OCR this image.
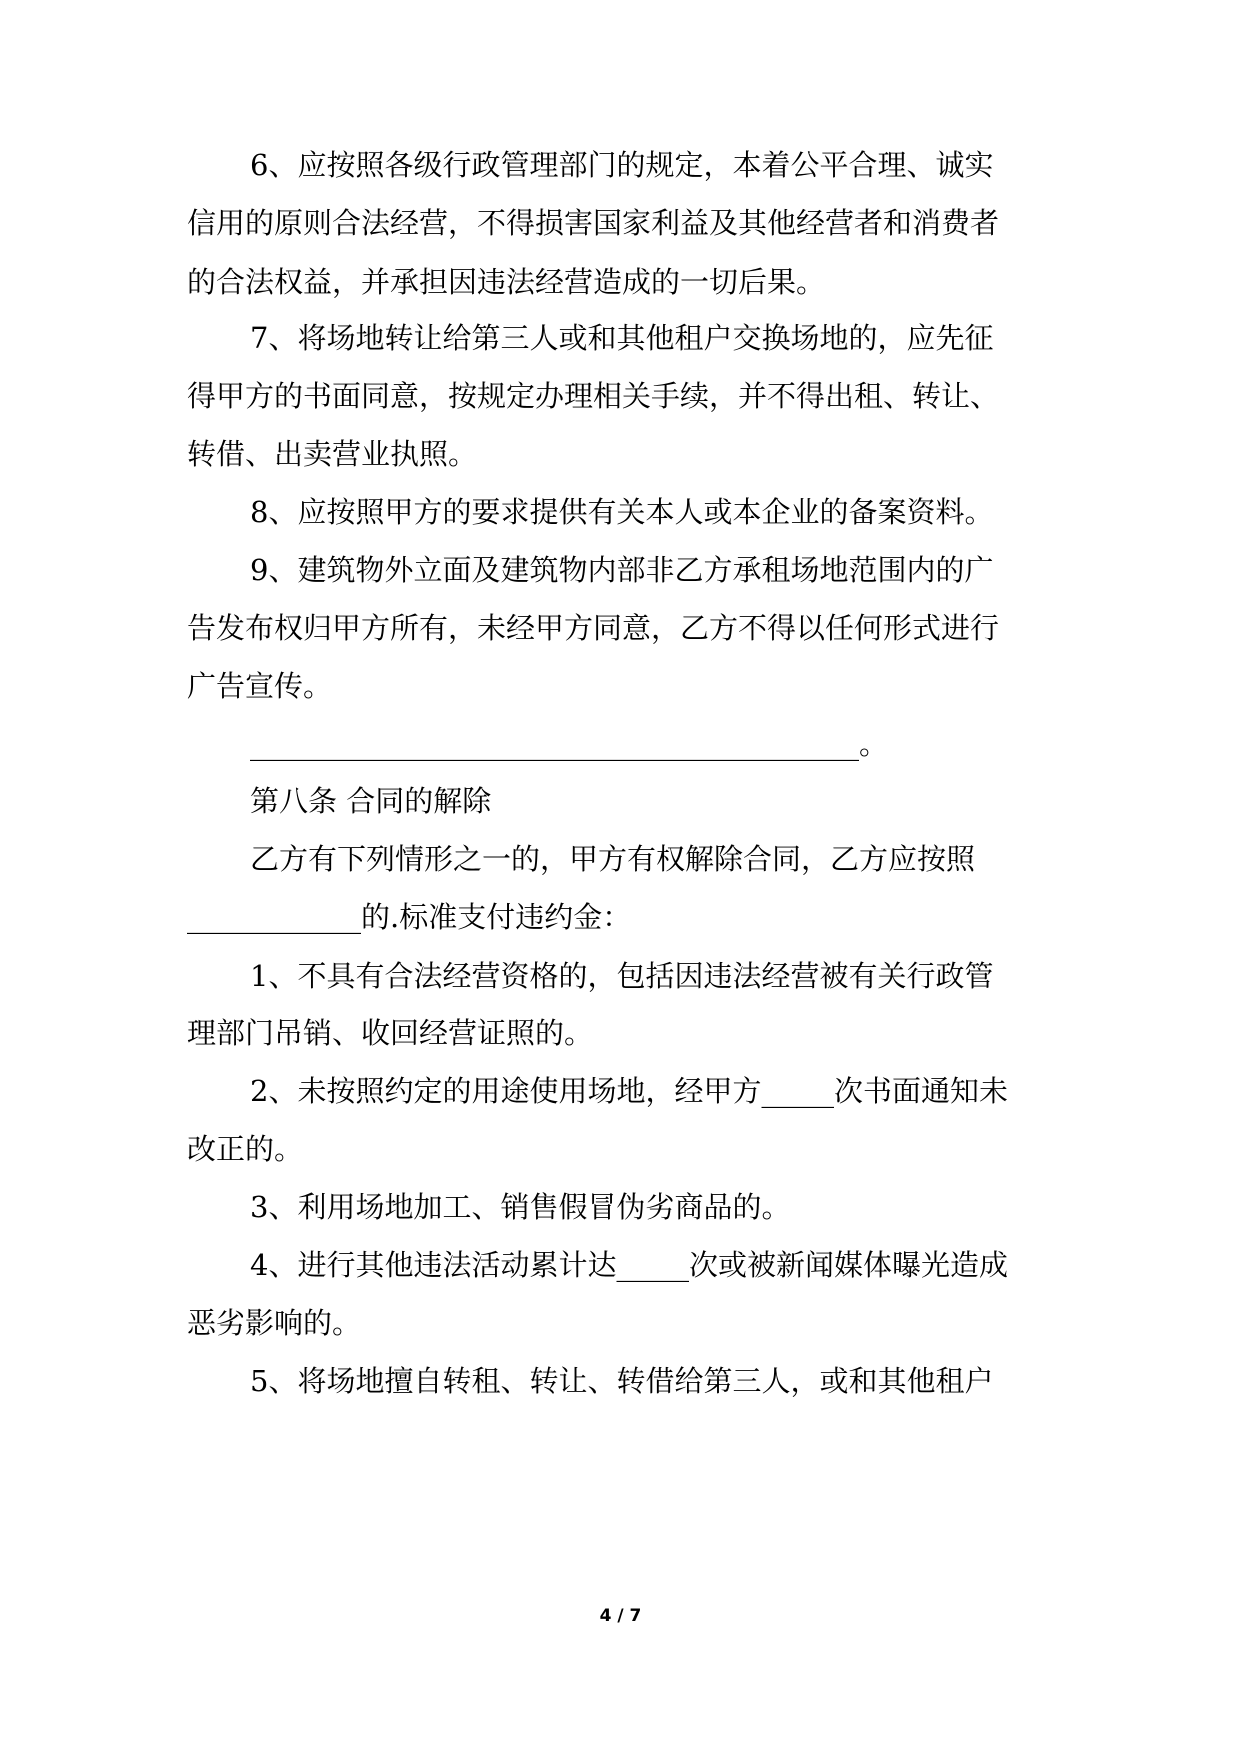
6、应按照各级行政管理部门的规定，本着公平合理、诚实
信用的原则合法经营，不得损害国家利益及其他经营者和消费者
的合法权益，并承担因违法经营造成的一切后果。
7、将场地转让给第三人或和其他租户交换场地的，应先征
得甲方的书面同意，按规定办理相关手续，并不得出租、转让、
转借、出卖营业执照。
8、应按照甲方的要求提供有关本人或本企业的备案资料。
9、建筑物外立面及建筑物内部非乙方承租场地范围内的广
告发布权归甲方所有，未经甲方同意，乙方不得以任何形式进行
广告宣传。
__________________________________________。
第八条 合同的解除
乙方有下列情形之一的，甲方有权解除合同，乙方应按照
____________的.标准支付违约金：
1、不具有合法经营资格的，包括因违法经营被有关行政管
理部门吊销、收回经营证照的。
2、未按照约定的用途使用场地，经甲方_____次书面通知未
改正的。
3、利用场地加工、销售假冒伪劣商品的。
4、进行其他违法活动累计达_____次或被新闻媒体曝光造成
恶劣影响的。
5、将场地擅自转租、转让、转借给第三人，或和其他租户
4 / 7
